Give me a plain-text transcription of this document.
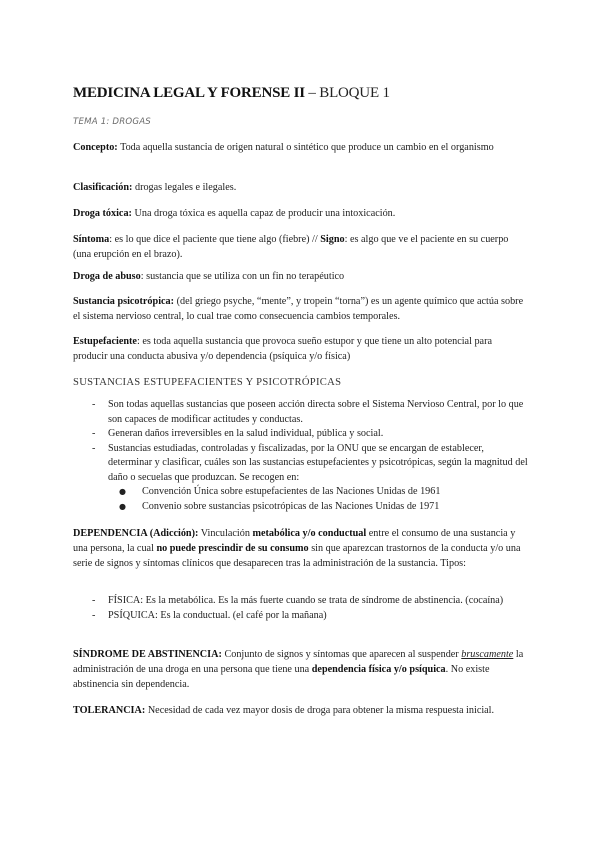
MEDICINA LEGAL Y FORENSE II – BLOQUE 1
TEMA 1: DROGAS

Concepto: Toda aquella sustancia de origen natural o sintético que produce un cambio en el organismo

Clasificación: drogas legales e ilegales.

Droga tóxica: Una droga tóxica es aquella capaz de producir una intoxicación.

Síntoma: es lo que dice el paciente que tiene algo (fiebre) // Signo: es algo que ve el paciente en su cuerpo (una erupción en el brazo).

Droga de abuso: sustancia que se utiliza con un fin no terapéutico

Sustancia psicotrópica: (del griego psyche, “mente”, y tropein “torna”) es un agente químico que actúa sobre el sistema nervioso central, lo cual trae como consecuencia cambios temporales.

Estupefaciente: es toda aquella sustancia que provoca sueño estupor y que tiene un alto potencial para producir una conducta abusiva y/o dependencia (psíquica y/o física)

SUSTANCIAS ESTUPEFACIENTES Y PSICOTRÓPICAS
- Son todas aquellas sustancias que poseen acción directa sobre el Sistema Nervioso Central, por lo que son capaces de modificar actitudes y conductas.
- Generan daños irreversibles en la salud individual, pública y social.
- Sustancias estudiadas, controladas y fiscalizadas, por la ONU que se encargan de establecer, determinar y clasificar, cuáles son las sustancias estupefacientes y psicotrópicas, según la magnitud del daño o secuelas que produzcan. Se recogen en:
● Convención Única sobre estupefacientes de las Naciones Unidas de 1961
● Convenio sobre sustancias psicotrópicas de las Naciones Unidas de 1971

DEPENDENCIA (Adicción): Vinculación metabólica y/o conductual entre el consumo de una sustancia y una persona, la cual no puede prescindir de su consumo sin que aparezcan trastornos de la conducta y/o una serie de signos y síntomas clínicos que desaparecen tras la administración de la sustancia. Tipos:

- FÍSICA: Es la metabólica. Es la más fuerte cuando se trata de síndrome de abstinencia. (cocaína)
- PSÍQUICA: Es la conductual. (el café por la mañana)

SÍNDROME DE ABSTINENCIA: Conjunto de signos y síntomas que aparecen al suspender bruscamente la administración de una droga en una persona que tiene una dependencia física y/o psíquica. No existe abstinencia sin dependencia.

TOLERANCIA: Necesidad de cada vez mayor dosis de droga para obtener la misma respuesta inicial.
